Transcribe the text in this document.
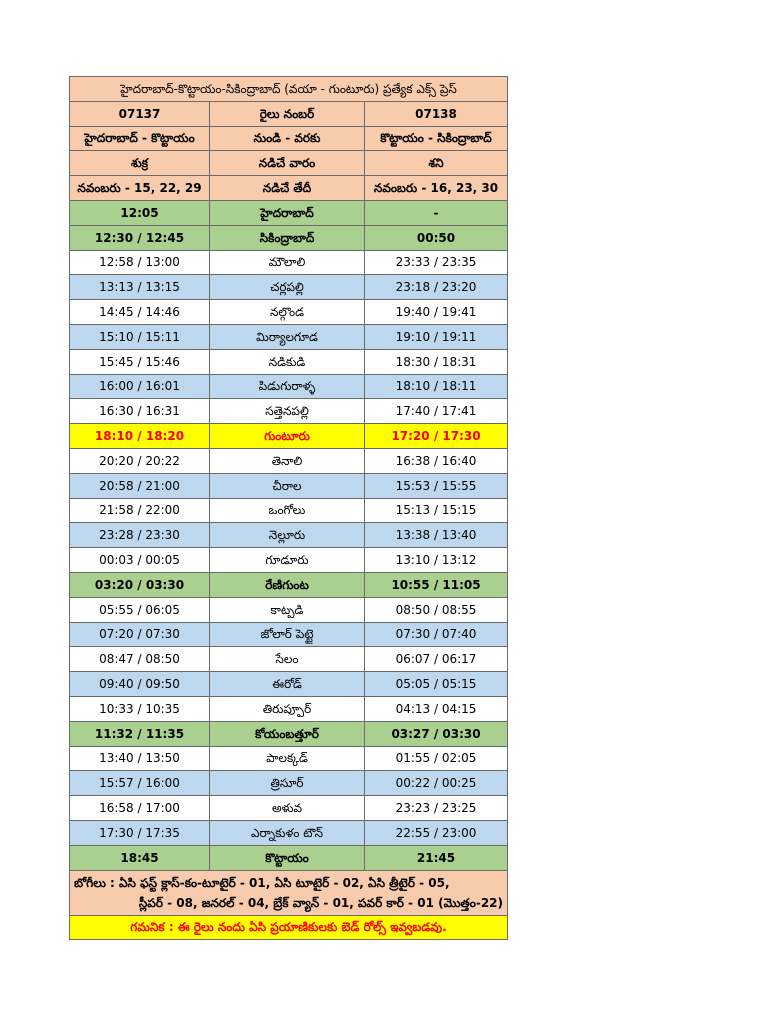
హైదరాబాద్-కొట్టాయం-సికింద్రాబాద్ (వయా - గుంటూరు) ప్రత్యేక ఎక్స్ ప్రెస్		
07137	రైలు నంబర్	07138
హైదరాబాద్ - కొట్టాయం	నుండి - వరకు	కొట్టాయం - సికింద్రాబాద్
శుక్ర	నడిచే వారం	శని
నవంబరు - 15, 22, 29	నడిచే తేదీ	నవంబరు - 16, 23, 30
12:05	హైదరాబాద్	-
12:30 / 12:45	సికింద్రాబాద్	00:50
12:58 / 13:00	మౌలాలి	23:33 / 23:35
13:13 / 13:15	చర్లపల్లి	23:18 / 23:20
14:45 / 14:46	నల్గొండ	19:40 / 19:41
15:10 / 15:11	మిర్యాలగూడ	19:10 / 19:11
15:45 / 15:46	నడికుడి	18:30 / 18:31
16:00 / 16:01	పిడుగురాళ్ళ	18:10 / 18:11
16:30 / 16:31	సత్తెనపల్లి	17:40 / 17:41
18:10 / 18:20	గుంటూరు	17:20 / 17:30
20:20 / 20:22	తెనాలి	16:38 / 16:40
20:58 / 21:00	చీరాల	15:53 / 15:55
21:58 / 22:00	ఒంగోలు	15:13 / 15:15
23:28 / 23:30	నెల్లూరు	13:38 / 13:40
00:03 / 00:05	గూడూరు	13:10 / 13:12
03:20 / 03:30	రేణిగుంట	10:55 / 11:05
05:55 / 06:05	కాట్పడి	08:50 / 08:55
07:20 / 07:30	జోలార్ పెట్టై	07:30 / 07:40
08:47 / 08:50	సేలం	06:07 / 06:17
09:40 / 09:50	ఈరోడ్	05:05 / 05:15
10:33 / 10:35	తిరుప్పూర్	04:13 / 04:15
11:32 / 11:35	కోయంబత్తూర్	03:27 / 03:30
13:40 / 13:50	పాలక్కడ్	01:55 / 02:05
15:57 / 16:00	త్రిసూర్	00:22 / 00:25
16:58 / 17:00	అళువ	23:23 / 23:25
17:30 / 17:35	ఎర్నాకుళం టౌన్	22:55 / 23:00
18:45	కొట్టాయం	21:45
బోగీలు : ఏసి ఫస్ట్ క్లాస్-కం-టూటైర్ - 01, ఏసి టూటైర్ - 02, ఏసి త్రీటైర్ - 05,
స్లీపర్ - 08, జనరల్ - 04, బ్రేక్ వ్యాన్ - 01, పవర్ కార్ - 01 (మొత్తం-22)		

గమనిక : ఈ రైలు నందు ఏసి ప్రయాణికులకు బెడ్ రోల్స్ ఇవ్వబడవు.		
